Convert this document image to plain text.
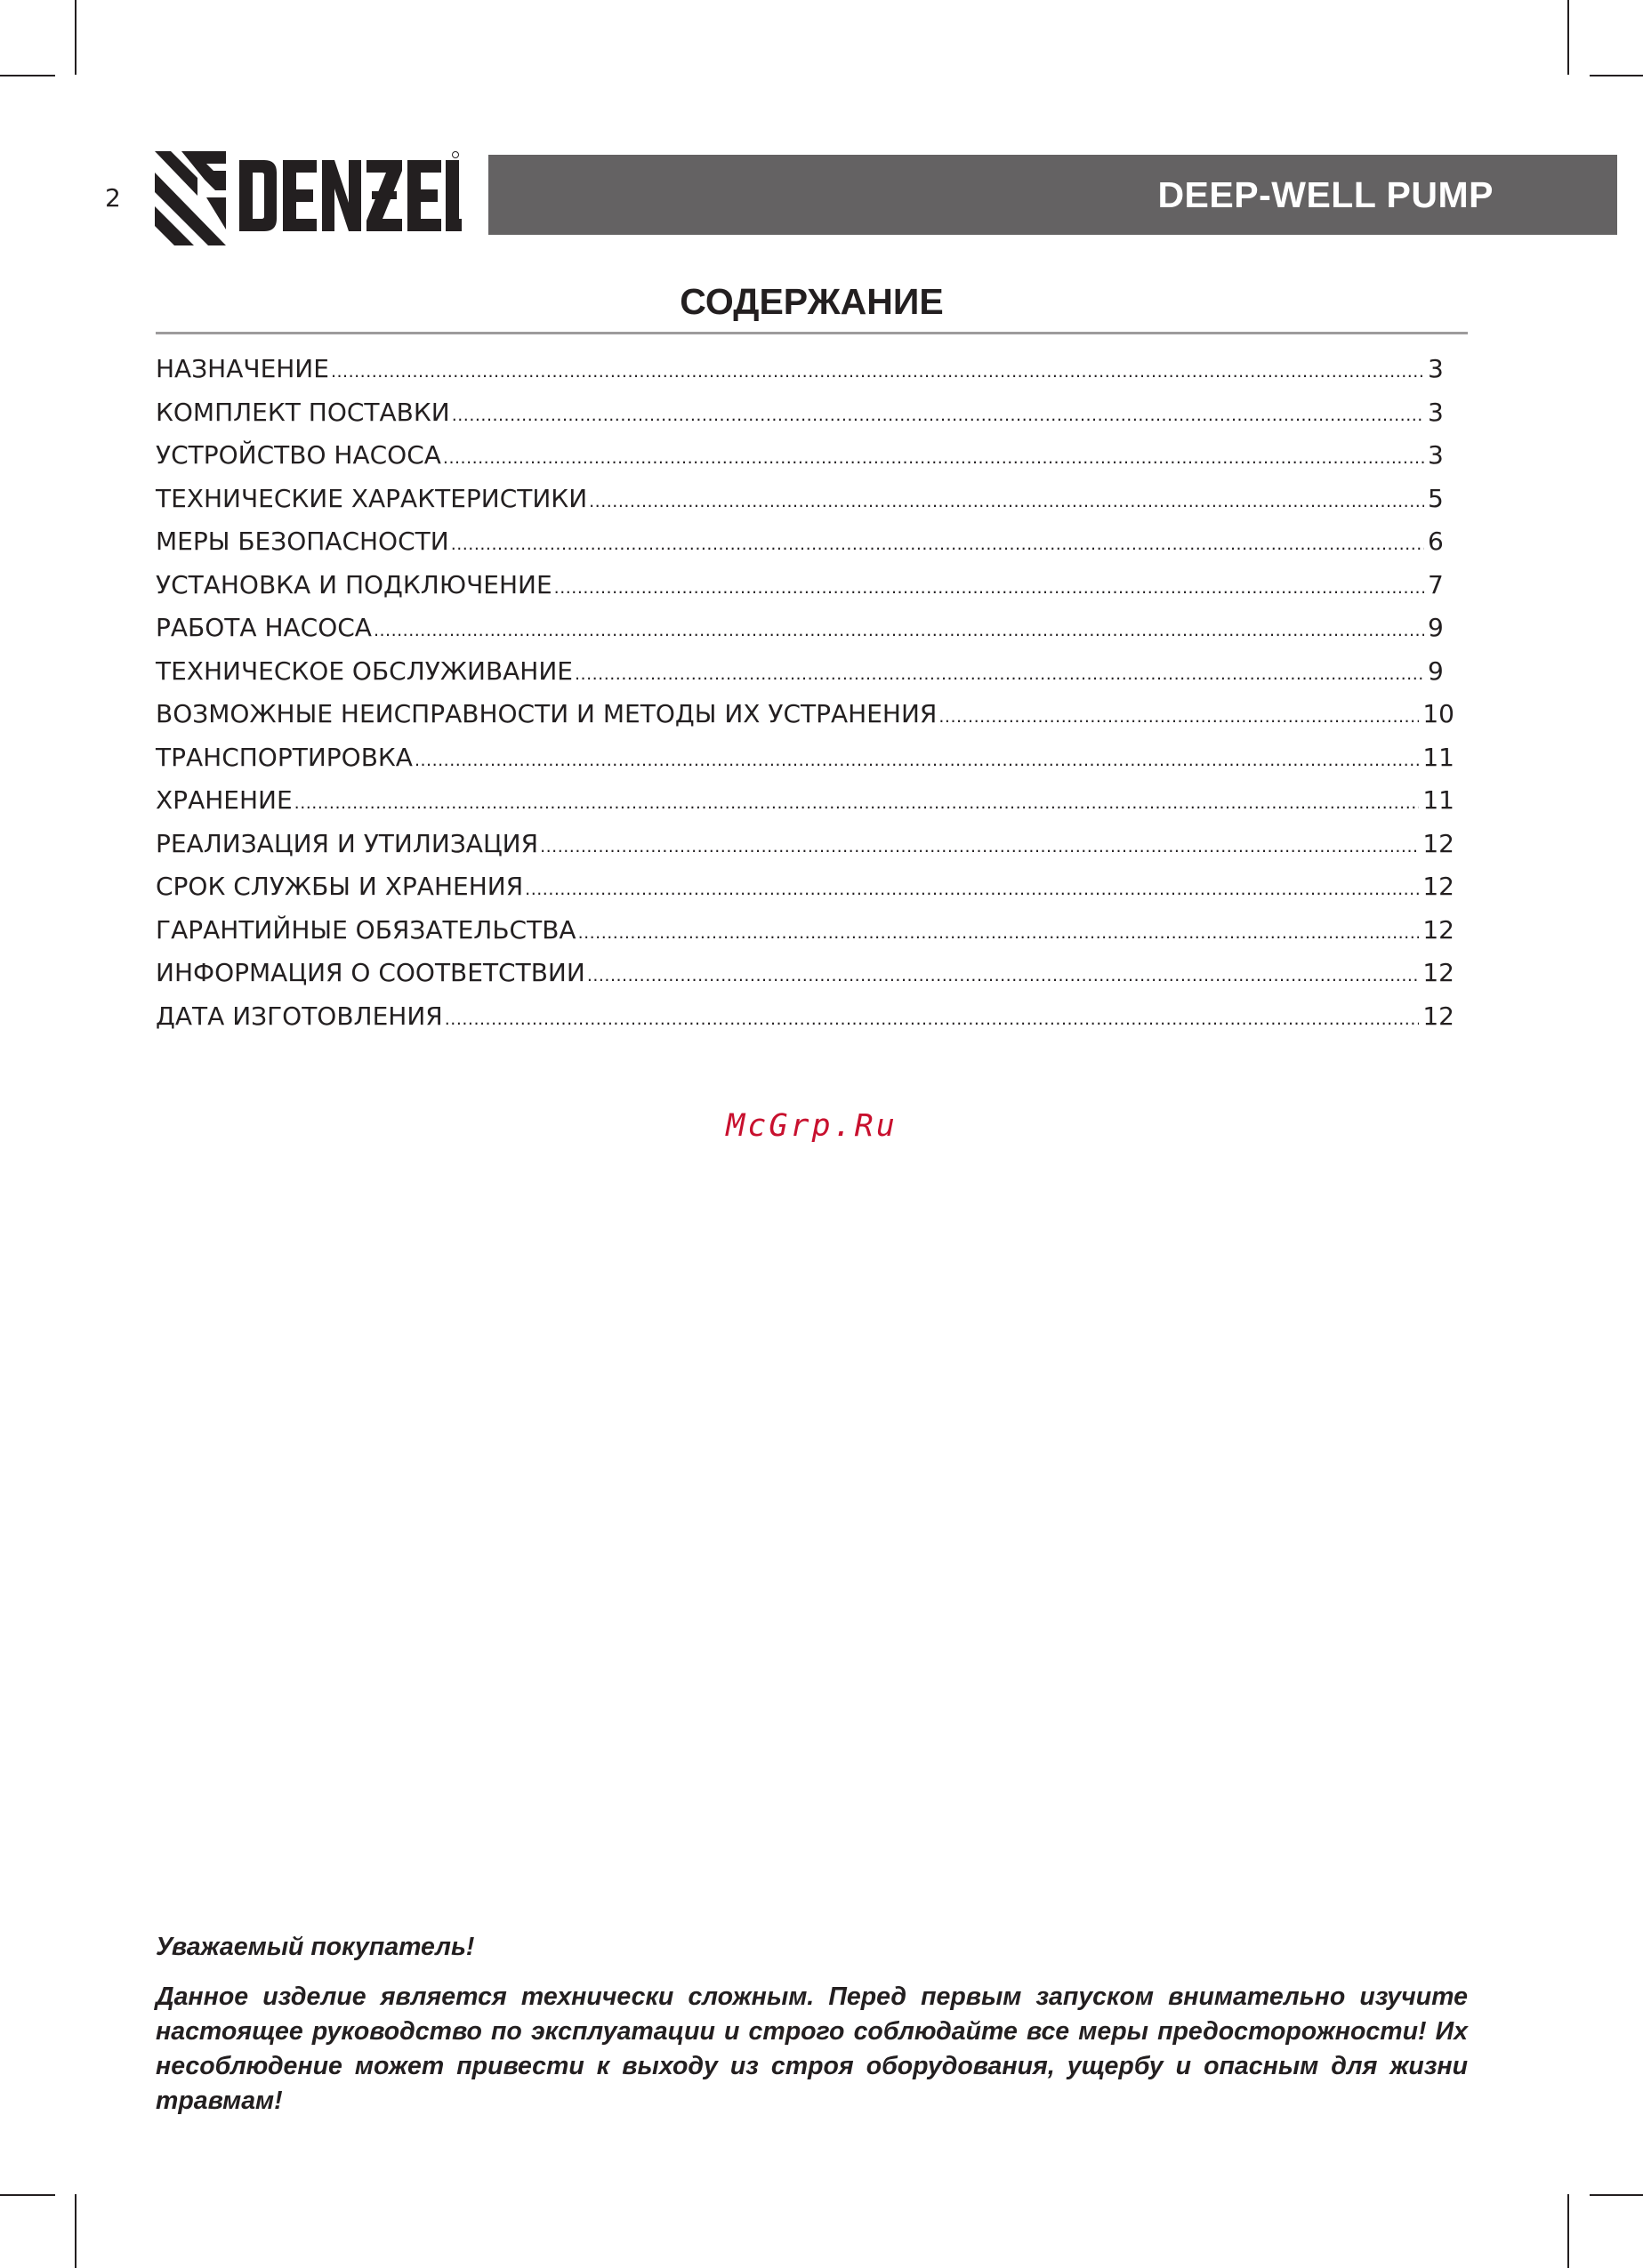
2	DEEP-WELL PUMP
СОДЕРЖАНИЕ
НАЗНАЧЕНИЕ .....	3
КОМПЛЕКТ ПОСТАВКИ .....	3
УСТРОЙСТВО НАСОСА .....	3
ТЕХНИЧЕСКИЕ ХАРАКТЕРИСТИКИ .....	5
МЕРЫ БЕЗОПАСНОСТИ .....	6
УСТАНОВКА И ПОДКЛЮЧЕНИЕ .....	7
РАБОТА НАСОСА .....	9
ТЕХНИЧЕСКОЕ ОБСЛУЖИВАНИЕ .....	9
ВОЗМОЖНЫЕ НЕИСПРАВНОСТИ И МЕТОДЫ ИХ УСТРАНЕНИЯ .....	10
ТРАНСПОРТИРОВКА .....	11
ХРАНЕНИЕ .....	11
РЕАЛИЗАЦИЯ И УТИЛИЗАЦИЯ .....	12
СРОК СЛУЖБЫ И ХРАНЕНИЯ .....	12
ГАРАНТИЙНЫЕ ОБЯЗАТЕЛЬСТВА .....	12
ИНФОРМАЦИЯ О СООТВЕТСТВИИ .....	12
ДАТА ИЗГОТОВЛЕНИЯ .....	12
McGrp.Ru

Уважаемый покупатель!

Данное изделие является технически сложным. Перед первым запуском внимательно изучите настоящее руководство по эксплуатации и строго соблюдайте все меры предосторожности! Их несоблюдение может привести к выходу из строя оборудования, ущербу и опасным для жизни травмам!
